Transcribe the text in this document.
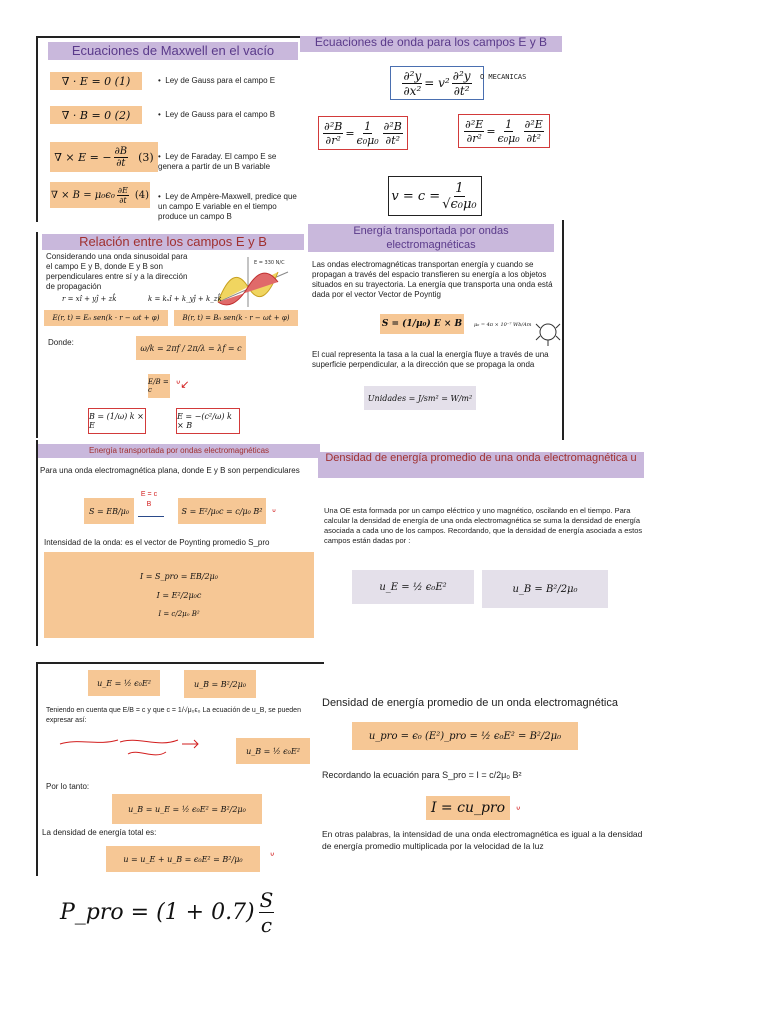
Ecuaciones de Maxwell en el vacío
∇ · E = 0 (1)	•  Ley de Gauss para el campo E
∇ · B = 0 (2)	•  Ley de Gauss para el campo B
∇ × E = − $\frac{\partial B}{\partial t} (3)$ •  Ley de Faraday. El campo E se genera a partir de un B variable
∇ × $B = \mu_0\epsilon_0 \frac{\partial E}{\partial t} (4)$ •  Ley de Ampère-Maxwell, predice que un campo E variable en el tiempo produce un campo B
Ecuaciones de onda para los campos E y B
$\frac{\text{∂²y}}{\text{∂x²}} = v^2 \frac{\text{∂²y}}{\text{∂t²}}$ O MECANICAS
$\frac{\text{∂²B}}{\text{∂r²}} = \frac{1}{\text{ϵ₀μ₀}} \frac{\text{∂²B}}{\text{∂t²}}$	$\frac{\text{∂²E}}{\text{∂r²}} = \frac{1}{\text{ϵ₀μ₀}} \frac{\text{∂²E}}{\text{∂t²}}$
$v = c = \frac{1}{\text{√ϵ₀μ₀}}$
Relación entre los campos E y B
Considerando una onda sinusoidal para el campo E y B, donde E y B son perpendiculares entre sí y a la dirección de propagación
E = 330 N/C
r = xî + yĵ + zk̂	k = kₓî + k_yĵ + k_zk̂
E(r, t) = E₀ sen(k · r − ωt + φ)	B(r, t) = B₀ sen(k · r − ωt + φ)
Donde:
ω/k = 2πf / 2π/λ = λf = c
E/B = c	ᐡ↙
B = (1/ω) k × E
E = −(c²/ω) k × B
Energía transportada por ondas electromagnéticas
Las ondas electromagnéticas transportan energía y cuando se propagan a través del espacio transfieren su energía a los objetos situados en su trayectoria. La energía que transporta una onda está dada por el vector Vector de Poyntig
S = (1/μ₀) E × B	μ₀ = 4π × 10⁻⁷ Wb/Am
El cual representa la tasa a la cual la energía fluye a través de una superficie perpendicular, a la dirección que se propaga la onda
Unidades = J/sm² = W/m²
Energía transportada por ondas electromagnéticas
Para una onda electromagnética plana, donde E y B son perpendiculares
S = EB/μ₀
E = c B
S = E²/μ₀c = c/μ₀ B² ᐡ
Intensidad de la onda: es el vector de Poynting promedio S_pro
I = S_pro = EB/2μ₀
I = E²/2μ₀c
I = c/2μ₀ B²
Densidad de energía promedio de una onda electromagnética u
Una OE esta formada por un campo eléctrico y uno magnético, oscilando en el tiempo. Para calcular la densidad de energía de una onda electromagnética se suma la densidad de energía asociada a cada uno de los campos. Recordando, que la densidad de energía asociada a estos campos están dadas por :
u_E = ½ ϵ₀E²	u_B = B²/2μ₀
u_E = ½ ϵ₀E²	u_B = B²/2μ₀
Teniendo en cuenta que E/B = c y que c = 1/√μ₀ϵ₀ La ecuación de u_B, se pueden expresar así:
u_B = ½ ϵ₀E²
Por lo tanto:
u_B = u_E = ½ ϵ₀E² = B²/2μ₀
La densidad de energía total es:
u = u_E + u_B = ϵ₀E² = B²/μ₀	ᐡ
Densidad de energía promedio de un onda electromagnética
u_pro = ϵ₀ (E²)_pro = ½ ϵ₀E² = B²/2μ₀
Recordando la ecuación para S_pro = I = c/2μ₀ B²
I = cu_pro ᐡ
En otras palabras, la intensidad de una onda electromagnética es igual a la densidad de energía promedio multiplicada por la velocidad de la luz
P_pro = $(1 + 0.7) \frac{S}{c}$
